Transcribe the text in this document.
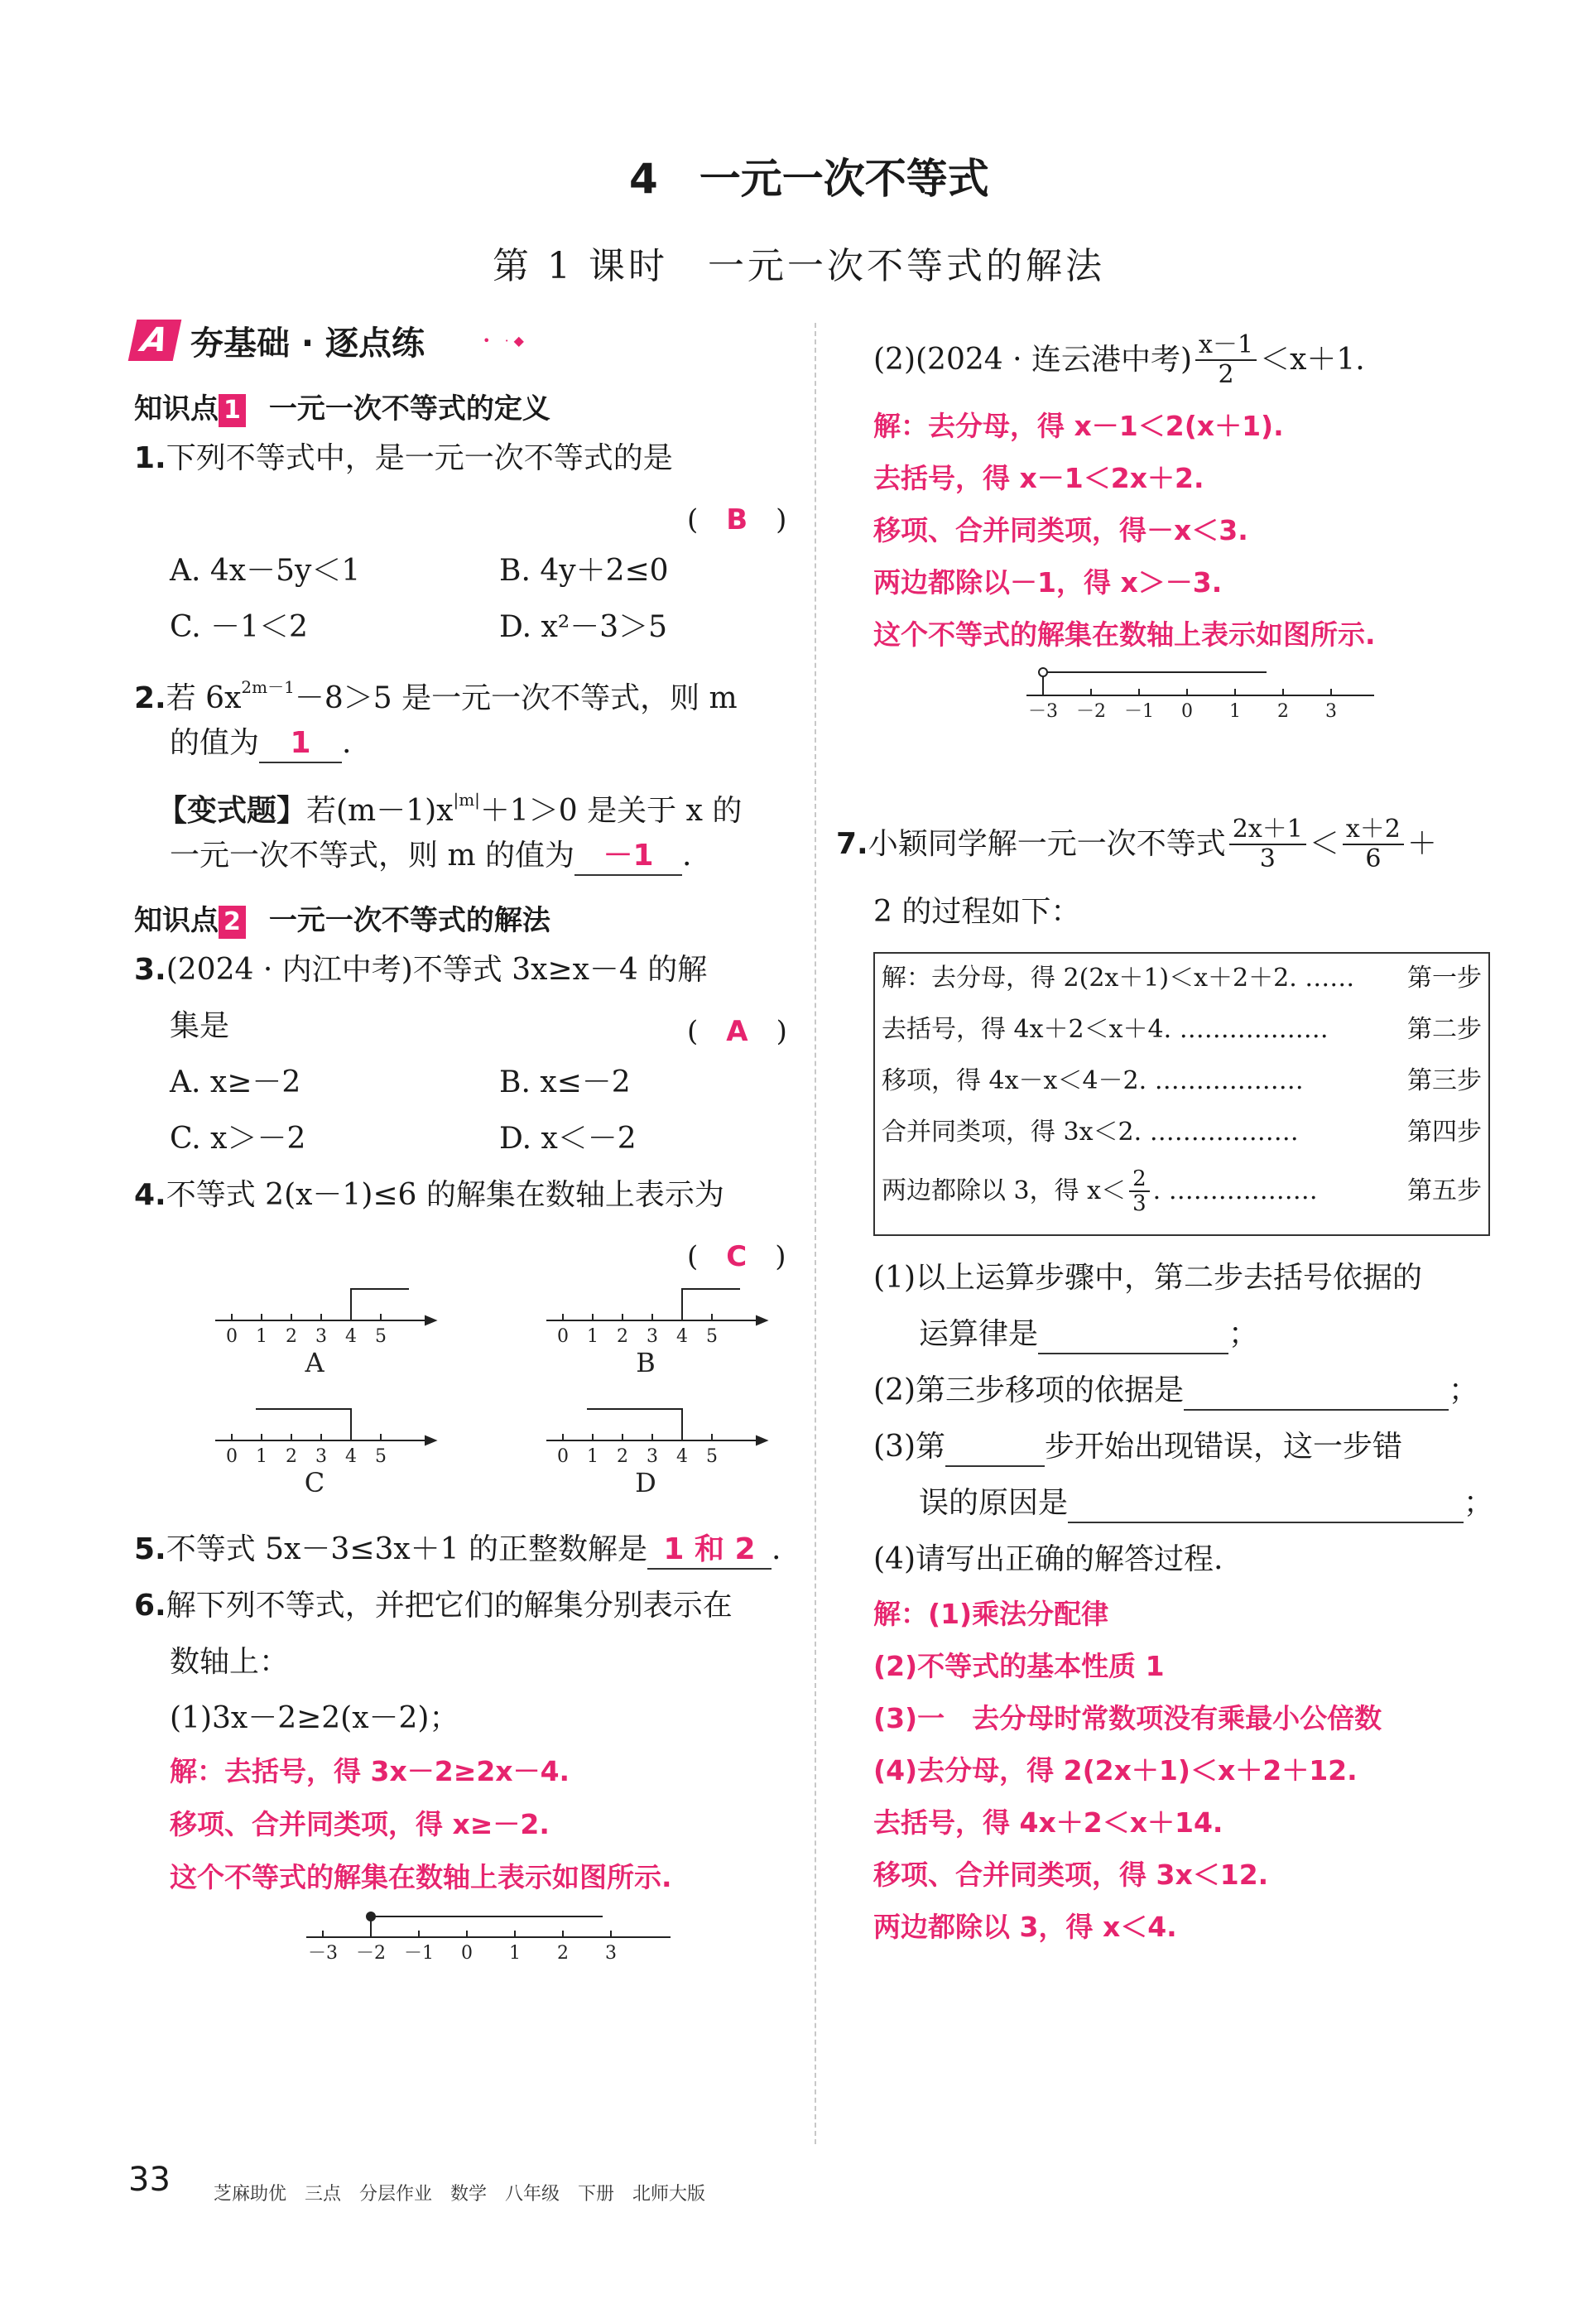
4　一元一次不等式
第 1 课时　一元一次不等式的解法
A 夯基础 · 逐点练	• ·◆
知识点 1 一元一次不等式的定义
1.下列不等式中，是一元一次不等式的是
(　B　)
A. 4x－5y＜1	B. 4y＋2≤0
C. －1＜2	D. x²－3＞5
2.若 $6x^{2m-1}-8>5$ 是一元一次不等式，则 m
的值为 1 .
【变式题】若$(m-1)x^{|m|}+1>0$ 是关于 x 的
一元一次不等式，则 m 的值为 －1 .
知识点 2 一元一次不等式的解法
3.(2024 · 内江中考)不等式 3x≥x－4 的解
集是	(　A　)
A. x≥－2	B. x≤－2
C. x＞－2	D. x＜－2
4.不等式 2(x－1)≤6 的解集在数轴上表示为
(　C　)
0 1 2 3 4 5
A
0 1 2 3 4 5
B
0 1 2 3 4 5
C
0 1 2 3 4 5
D
5.不等式 5x－3≤3x＋1 的正整数解是 1 和 2 .
6.解下列不等式，并把它们的解集分别表示在
数轴上：
(1)3x－2≥2(x－2)；
解：去括号，得 3x－2≥2x－4.
移项、合并同类项，得 x≥－2.
这个不等式的解集在数轴上表示如图所示.
－3 －2 －1 0 1 2 3
(2)(2024 · 连云港中考) $\frac{x-1}{2} <x+1$.
解：去分母，得 x－1＜2(x＋1).
去括号，得 x－1＜2x＋2.
移项、合并同类项，得－x＜3.
两边都除以－1，得 x＞－3.
这个不等式的解集在数轴上表示如图所示.
－3 －2 －1 0 1 2 3
7. 小颖同学解一元一次不等式 $\frac{2x+1}{3} < \frac{x+2}{6}$ ＋
2 的过程如下：
解：去分母，得 2(2x＋1)＜x＋2＋2. …… 第一步
去括号，得 4x＋2＜x＋4. ………………	第二步
移项，得 4x－x＜4－2. ………………	第三步
合并同类项，得 3x＜2. ………………	第四步
两边都除以 3，得 $x< \frac{2}{3}$ . ………………	第五步
(1)以上运算步骤中，第二步去括号依据的
运算律是	；
(2)第三步移项的依据是	；
(3)第	步开始出现错误，这一步错
误的原因是	；
(4)请写出正确的解答过程.
解：(1)乘法分配律
(2)不等式的基本性质 1
(3)一　去分母时常数项没有乘最小公倍数
(4)去分母，得 2(2x＋1)＜x＋2＋12.
去括号，得 4x＋2＜x＋14.
移项、合并同类项，得 3x＜12.
两边都除以 3，得 x＜4.
33 芝麻助优　三点　分层作业　数学　八年级　下册　北师大版
